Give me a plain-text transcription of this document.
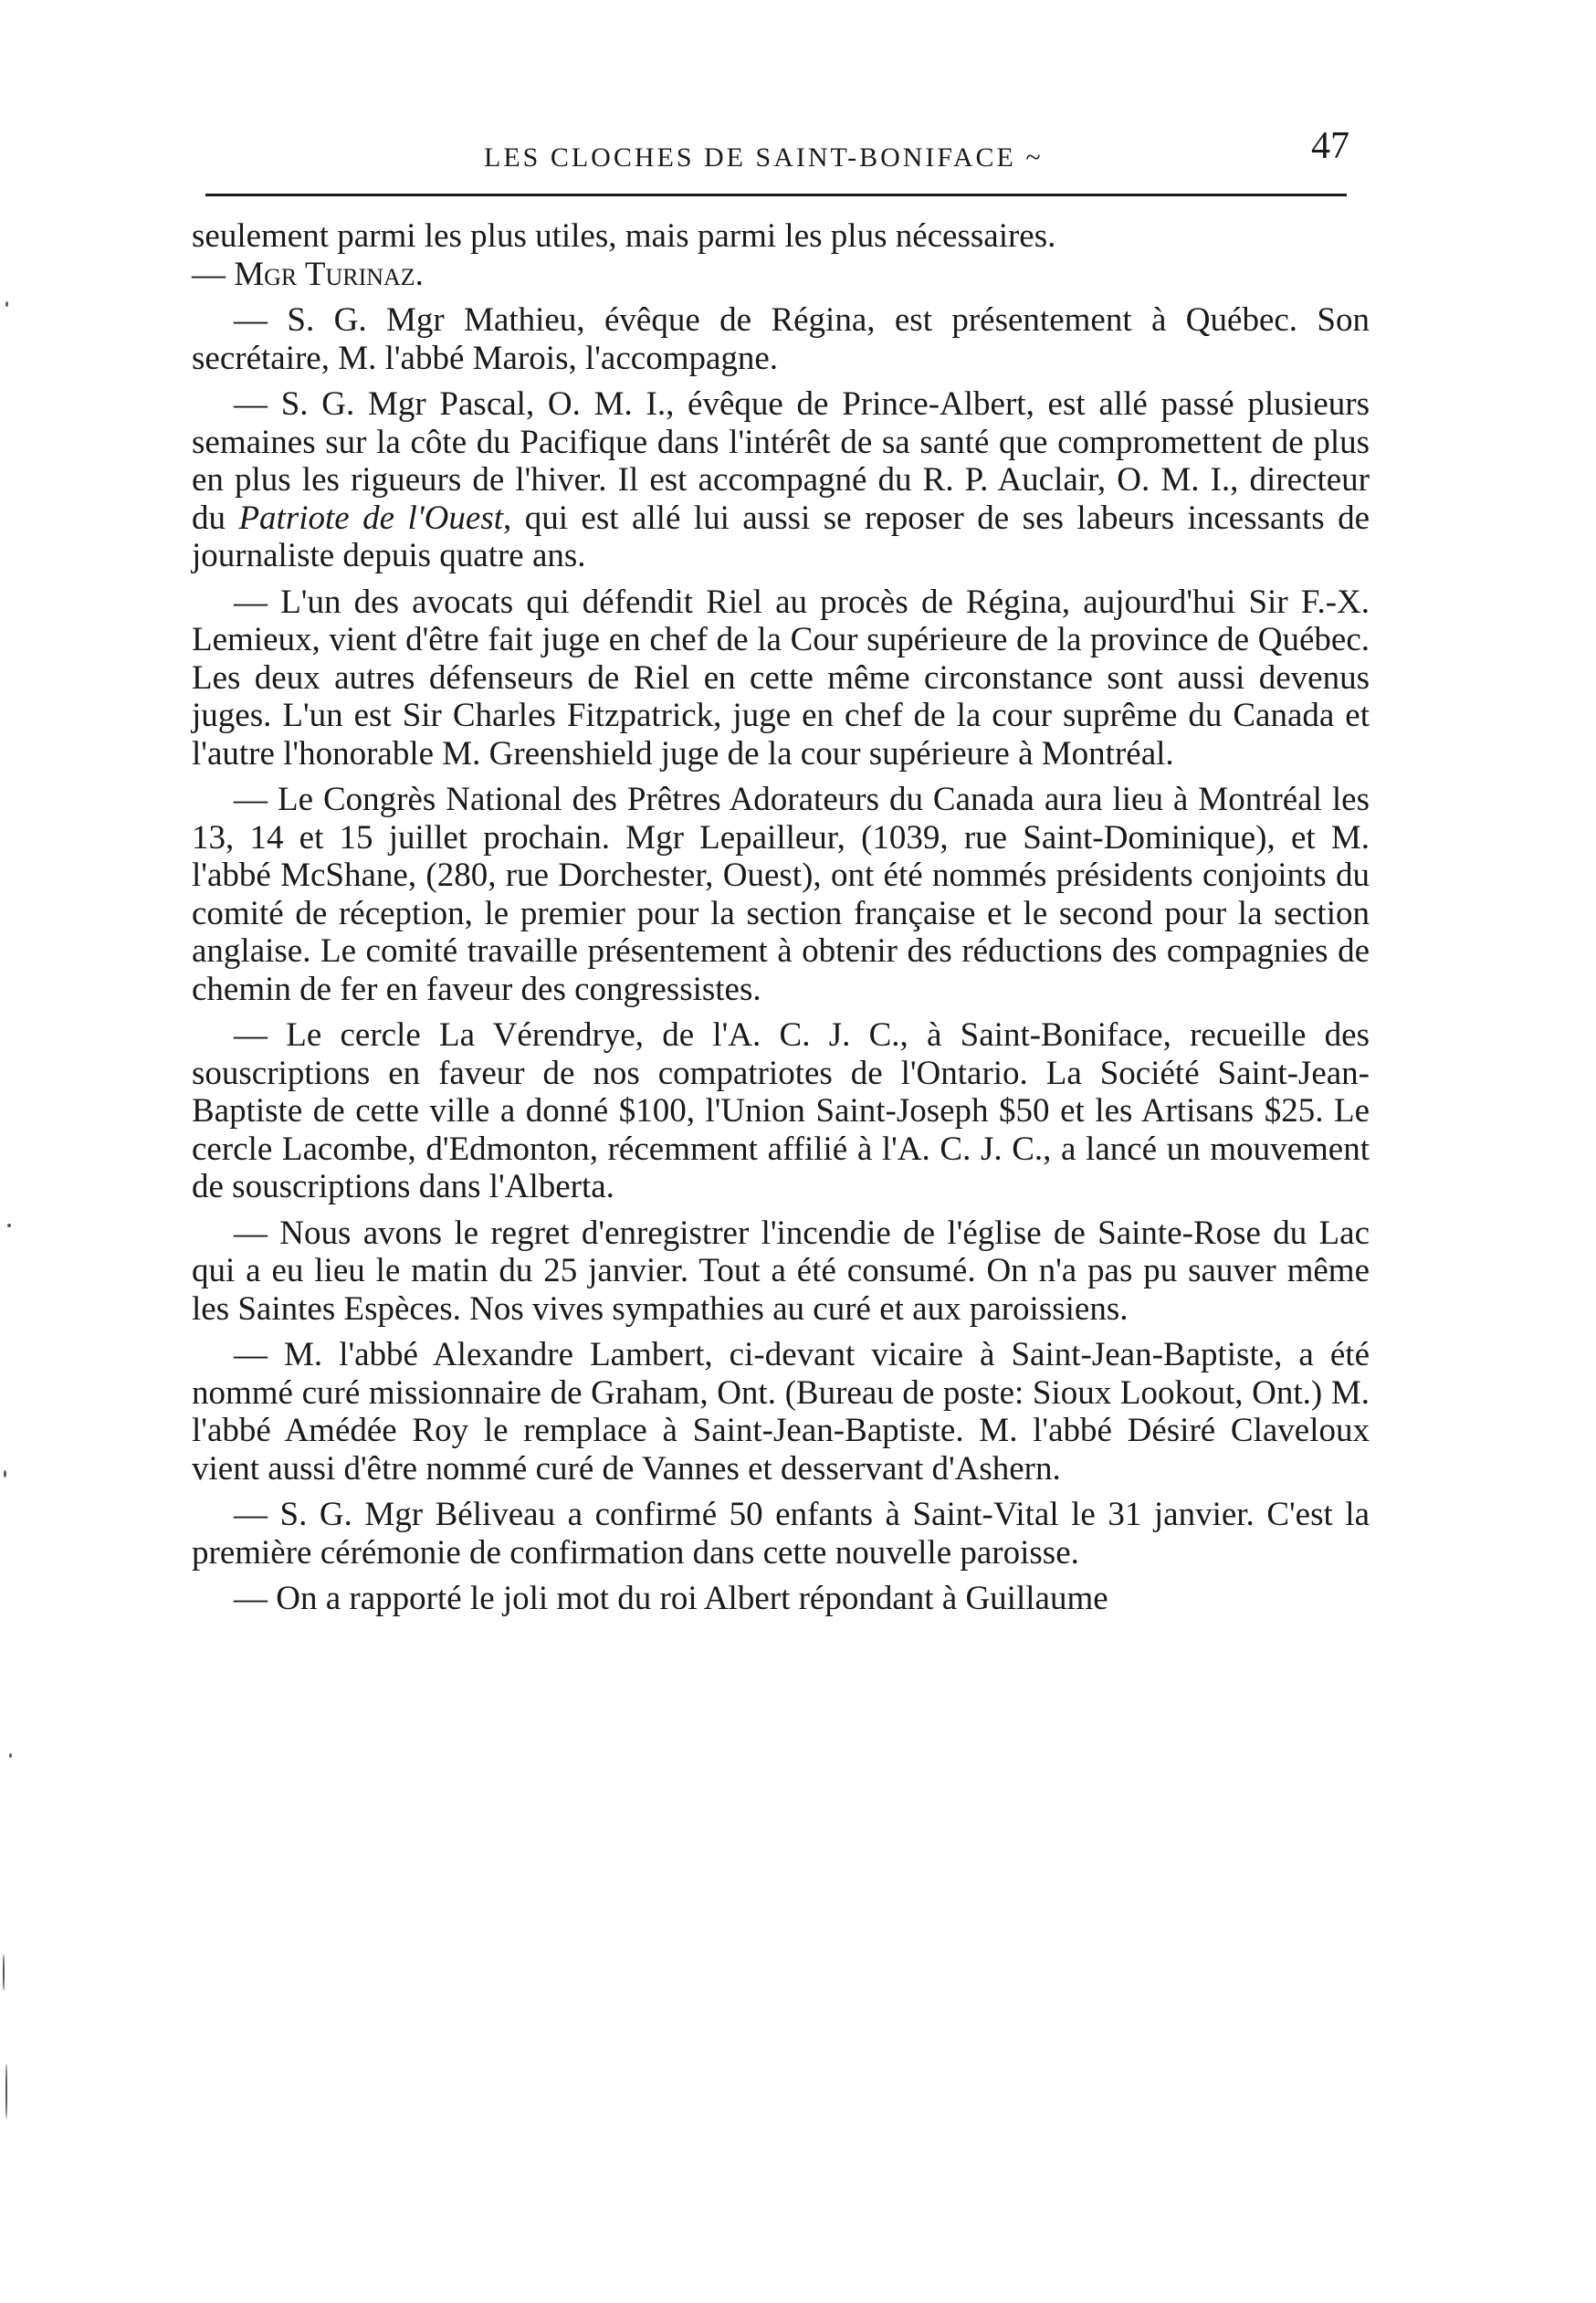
LES CLOCHES DE SAINT-BONIFACE ~	47

seulement parmi les plus utiles, mais parmi les plus nécessaires.
— Mgr Turinaz.

— S. G. Mgr Mathieu, évêque de Régina, est présentement à Québec. Son secrétaire, M. l'abbé Marois, l'accompagne.

— S. G. Mgr Pascal, O. M. I., évêque de Prince-Albert, est allé passé plusieurs semaines sur la côte du Pacifique dans l'intérêt de sa santé que compromettent de plus en plus les rigueurs de l'hiver. Il est accompagné du R. P. Auclair, O. M. I., directeur du Patriote de l'Ouest, qui est allé lui aussi se reposer de ses labeurs incessants de journaliste depuis quatre ans.

— L'un des avocats qui défendit Riel au procès de Régina, aujourd'hui Sir F.-X. Lemieux, vient d'être fait juge en chef de la Cour supérieure de la province de Québec. Les deux autres défenseurs de Riel en cette même circonstance sont aussi devenus juges. L'un est Sir Charles Fitzpatrick, juge en chef de la cour suprême du Canada et l'autre l'honorable M. Greenshield juge de la cour supérieure à Montréal.

— Le Congrès National des Prêtres Adorateurs du Canada aura lieu à Montréal les 13, 14 et 15 juillet prochain. Mgr Lepailleur, (1039, rue Saint-Dominique), et M. l'abbé McShane, (280, rue Dorchester, Ouest), ont été nommés présidents conjoints du comité de réception, le premier pour la section française et le second pour la section anglaise. Le comité travaille présentement à obtenir des réductions des compagnies de chemin de fer en faveur des congressistes.

— Le cercle La Vérendrye, de l'A. C. J. C., à Saint-Boniface, recueille des souscriptions en faveur de nos compatriotes de l'Ontario. La Société Saint-Jean-Baptiste de cette ville a donné $100, l'Union Saint-Joseph $50 et les Artisans $25. Le cercle Lacombe, d'Edmonton, récemment affilié à l'A. C. J. C., a lancé un mouvement de souscriptions dans l'Alberta.

— Nous avons le regret d'enregistrer l'incendie de l'église de Sainte-Rose du Lac qui a eu lieu le matin du 25 janvier. Tout a été consumé. On n'a pas pu sauver même les Saintes Espèces. Nos vives sympathies au curé et aux paroissiens.

— M. l'abbé Alexandre Lambert, ci-devant vicaire à Saint-Jean-Baptiste, a été nommé curé missionnaire de Graham, Ont. (Bureau de poste: Sioux Lookout, Ont.) M. l'abbé Amédée Roy le remplace à Saint-Jean-Baptiste. M. l'abbé Désiré Claveloux vient aussi d'être nommé curé de Vannes et desservant d'Ashern.

— S. G. Mgr Béliveau a confirmé 50 enfants à Saint-Vital le 31 janvier. C'est la première cérémonie de confirmation dans cette nouvelle paroisse.

— On a rapporté le joli mot du roi Albert répondant à Guillaume
